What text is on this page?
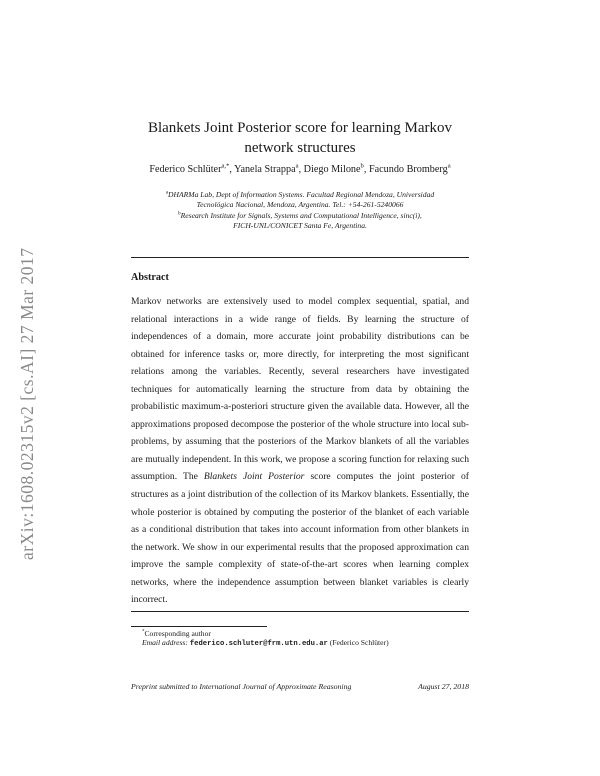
arXiv:1608.02315v2 [cs.AI] 27 Mar 2017
Blankets Joint Posterior score for learning Markov
network structures
Federico Schlüter$^{a,*}$, Yanela Strappa$^a$, Diego Milone$^b$, Facundo Bromberg$^a$
$^a$DHARMa Lab, Dept of Information Systems. Facultad Regional Mendoza, Universidad
Tecnológica Nacional, Mendoza, Argentina. Tel.: +54-261-5240066
$^b$Research Institute for Signals, Systems and Computational Intelligence, sinc(i),
FICH-UNL/CONICET Santa Fe, Argentina.
Abstract

Markov networks are extensively used to model complex sequential, spatial, and relational interactions in a wide range of fields. By learning the structure of independences of a domain, more accurate joint probability distributions can be obtained for inference tasks or, more directly, for interpreting the most significant relations among the variables. Recently, several researchers have investigated techniques for automatically learning the structure from data by obtaining the probabilistic maximum-a-posteriori structure given the available data. However, all the approximations proposed decompose the posterior of the whole structure into local sub-problems, by assuming that the posteriors of the Markov blankets of all the variables are mutually independent. In this work, we propose a scoring function for relaxing such assumption. The Blankets Joint Posterior score computes the joint posterior of structures as a joint distribution of the collection of its Markov blankets. Essentially, the whole posterior is obtained by computing the posterior of the blanket of each variable as a conditional distribution that takes into account information from other blankets in the network. We show in our experimental results that the proposed approximation can improve the sample complexity of state-of-the-art scores when learning complex networks, where the independence assumption between blanket variables is clearly incorrect.

*Corresponding author
Email address: federico.schluter@frm.utn.edu.ar (Federico Schlüter)
Preprint submitted to International Journal of Approximate Reasoning	August 27, 2018
